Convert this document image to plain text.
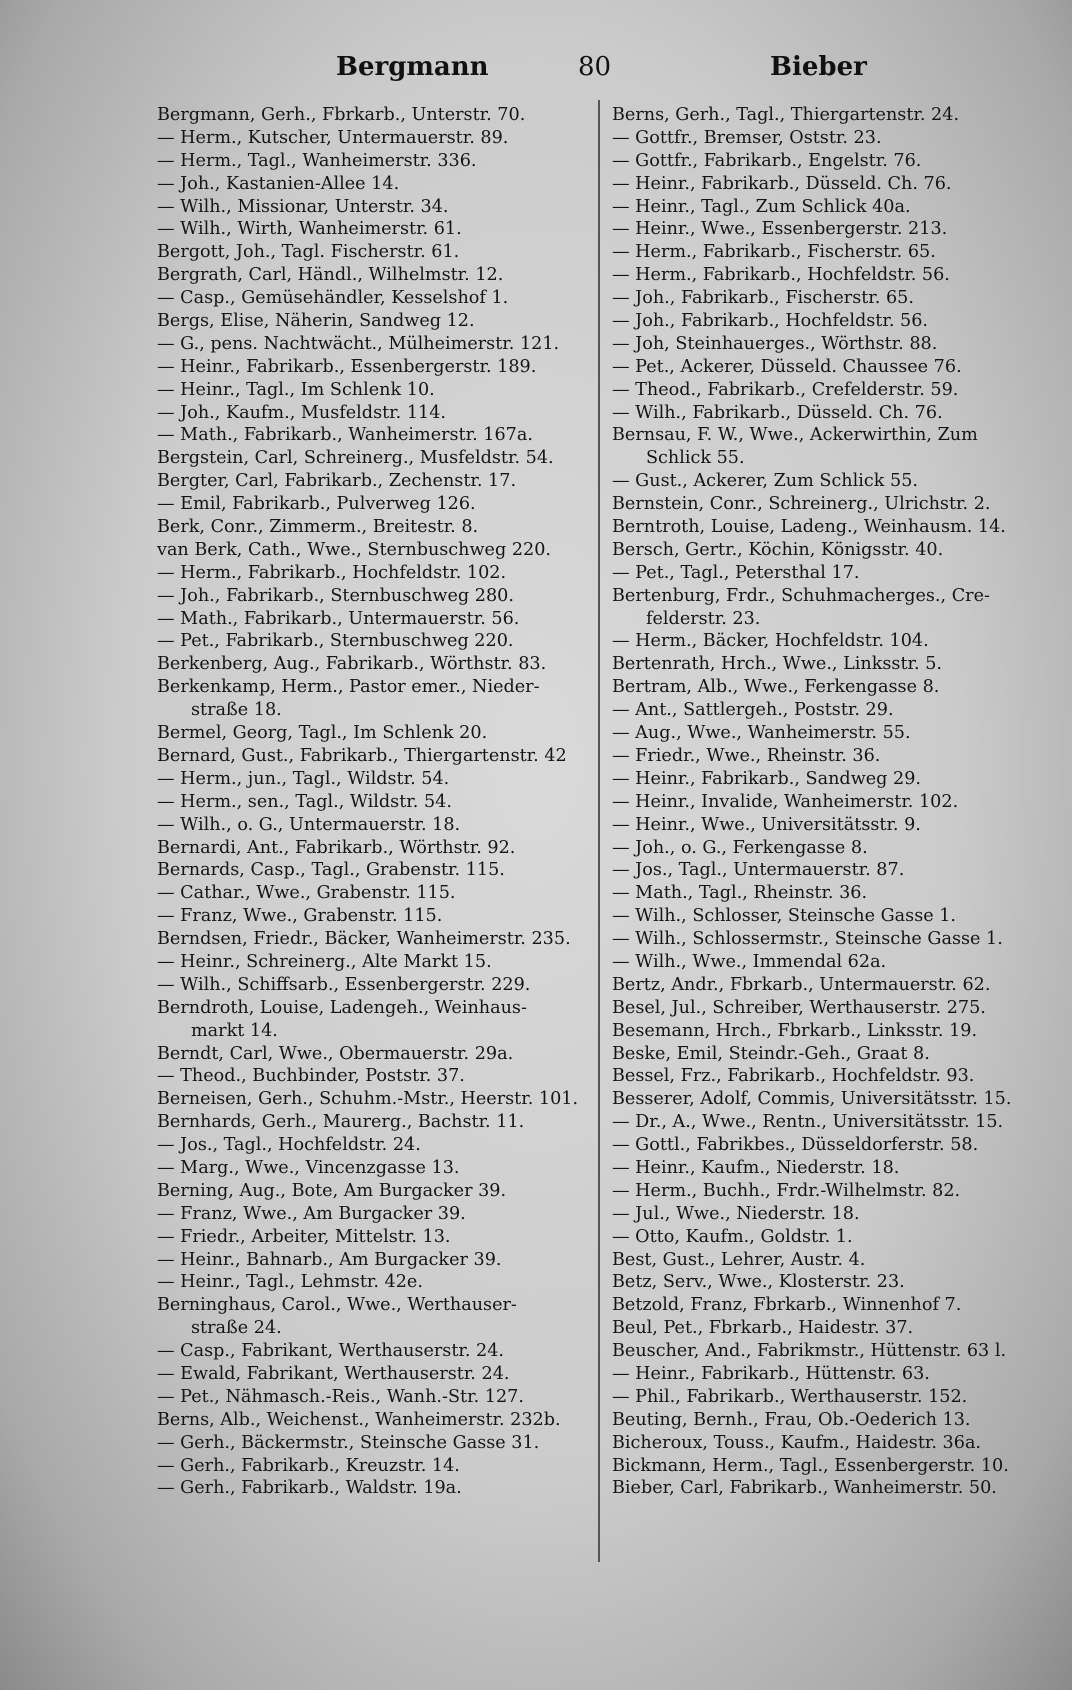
Bergmann	80	Bieber
Bergmann, Gerh., Fbrkarb., Unterstr. 70.
— Herm., Kutscher, Untermauerstr. 89.
— Herm., Tagl., Wanheimerstr. 336.
— Joh., Kastanien-Allee 14.
— Wilh., Missionar, Unterstr. 34.
— Wilh., Wirth, Wanheimerstr. 61.
Bergott, Joh., Tagl. Fischerstr. 61.
Bergrath, Carl, Händl., Wilhelmstr. 12.
— Casp., Gemüsehändler, Kesselshof 1.
Bergs, Elise, Näherin, Sandweg 12.
— G., pens. Nachtwächt., Mülheimerstr. 121.
— Heinr., Fabrikarb., Essenbergerstr. 189.
— Heinr., Tagl., Im Schlenk 10.
— Joh., Kaufm., Musfeldstr. 114.
— Math., Fabrikarb., Wanheimerstr. 167a.
Bergstein, Carl, Schreinerg., Musfeldstr. 54.
Bergter, Carl, Fabrikarb., Zechenstr. 17.
— Emil, Fabrikarb., Pulverweg 126.
Berk, Conr., Zimmerm., Breitestr. 8.
van Berk, Cath., Wwe., Sternbuschweg 220.
— Herm., Fabrikarb., Hochfeldstr. 102.
— Joh., Fabrikarb., Sternbuschweg 280.
— Math., Fabrikarb., Untermauerstr. 56.
— Pet., Fabrikarb., Sternbuschweg 220.
Berkenberg, Aug., Fabrikarb., Wörthstr. 83.
Berkenkamp, Herm., Pastor emer., Nieder-
straße 18.
Bermel, Georg, Tagl., Im Schlenk 20.
Bernard, Gust., Fabrikarb., Thiergartenstr. 42
— Herm., jun., Tagl., Wildstr. 54.
— Herm., sen., Tagl., Wildstr. 54.
— Wilh., o. G., Untermauerstr. 18.
Bernardi, Ant., Fabrikarb., Wörthstr. 92.
Bernards, Casp., Tagl., Grabenstr. 115.
— Cathar., Wwe., Grabenstr. 115.
— Franz, Wwe., Grabenstr. 115.
Berndsen, Friedr., Bäcker, Wanheimerstr. 235.
— Heinr., Schreinerg., Alte Markt 15.
— Wilh., Schiffsarb., Essenbergerstr. 229.
Berndroth, Louise, Ladengeh., Weinhaus-
markt 14.
Berndt, Carl, Wwe., Obermauerstr. 29a.
— Theod., Buchbinder, Poststr. 37.
Berneisen, Gerh., Schuhm.-Mstr., Heerstr. 101.
Bernhards, Gerh., Maurerg., Bachstr. 11.
— Jos., Tagl., Hochfeldstr. 24.
— Marg., Wwe., Vincenzgasse 13.
Berning, Aug., Bote, Am Burgacker 39.
— Franz, Wwe., Am Burgacker 39.
— Friedr., Arbeiter, Mittelstr. 13.
— Heinr., Bahnarb., Am Burgacker 39.
— Heinr., Tagl., Lehmstr. 42e.
Berninghaus, Carol., Wwe., Werthauser-
straße 24.
— Casp., Fabrikant, Werthauserstr. 24.
— Ewald, Fabrikant, Werthauserstr. 24.
— Pet., Nähmasch.-Reis., Wanh.-Str. 127.
Berns, Alb., Weichenst., Wanheimerstr. 232b.
— Gerh., Bäckermstr., Steinsche Gasse 31.
— Gerh., Fabrikarb., Kreuzstr. 14.
— Gerh., Fabrikarb., Waldstr. 19a.
Berns, Gerh., Tagl., Thiergartenstr. 24.
— Gottfr., Bremser, Oststr. 23.
— Gottfr., Fabrikarb., Engelstr. 76.
— Heinr., Fabrikarb., Düsseld. Ch. 76.
— Heinr., Tagl., Zum Schlick 40a.
— Heinr., Wwe., Essenbergerstr. 213.
— Herm., Fabrikarb., Fischerstr. 65.
— Herm., Fabrikarb., Hochfeldstr. 56.
— Joh., Fabrikarb., Fischerstr. 65.
— Joh., Fabrikarb., Hochfeldstr. 56.
— Joh, Steinhauerges., Wörthstr. 88.
— Pet., Ackerer, Düsseld. Chaussee 76.
— Theod., Fabrikarb., Crefelderstr. 59.
— Wilh., Fabrikarb., Düsseld. Ch. 76.
Bernsau, F. W., Wwe., Ackerwirthin, Zum
Schlick 55.
— Gust., Ackerer, Zum Schlick 55.
Bernstein, Conr., Schreinerg., Ulrichstr. 2.
Berntroth, Louise, Ladeng., Weinhausm. 14.
Bersch, Gertr., Köchin, Königsstr. 40.
— Pet., Tagl., Petersthal 17.
Bertenburg, Frdr., Schuhmacherges., Cre-
felderstr. 23.
— Herm., Bäcker, Hochfeldstr. 104.
Bertenrath, Hrch., Wwe., Linksstr. 5.
Bertram, Alb., Wwe., Ferkengasse 8.
— Ant., Sattlergeh., Poststr. 29.
— Aug., Wwe., Wanheimerstr. 55.
— Friedr., Wwe., Rheinstr. 36.
— Heinr., Fabrikarb., Sandweg 29.
— Heinr., Invalide, Wanheimerstr. 102.
— Heinr., Wwe., Universitätsstr. 9.
— Joh., o. G., Ferkengasse 8.
— Jos., Tagl., Untermauerstr. 87.
— Math., Tagl., Rheinstr. 36.
— Wilh., Schlosser, Steinsche Gasse 1.
— Wilh., Schlossermstr., Steinsche Gasse 1.
— Wilh., Wwe., Immendal 62a.
Bertz, Andr., Fbrkarb., Untermauerstr. 62.
Besel, Jul., Schreiber, Werthauserstr. 275.
Besemann, Hrch., Fbrkarb., Linksstr. 19.
Beske, Emil, Steindr.-Geh., Graat 8.
Bessel, Frz., Fabrikarb., Hochfeldstr. 93.
Besserer, Adolf, Commis, Universitätsstr. 15.
— Dr., A., Wwe., Rentn., Universitätsstr. 15.
— Gottl., Fabrikbes., Düsseldorferstr. 58.
— Heinr., Kaufm., Niederstr. 18.
— Herm., Buchh., Frdr.-Wilhelmstr. 82.
— Jul., Wwe., Niederstr. 18.
— Otto, Kaufm., Goldstr. 1.
Best, Gust., Lehrer, Austr. 4.
Betz, Serv., Wwe., Klosterstr. 23.
Betzold, Franz, Fbrkarb., Winnenhof 7.
Beul, Pet., Fbrkarb., Haidestr. 37.
Beuscher, And., Fabrikmstr., Hüttenstr. 63 l.
— Heinr., Fabrikarb., Hüttenstr. 63.
— Phil., Fabrikarb., Werthauserstr. 152.
Beuting, Bernh., Frau, Ob.-Oederich 13.
Bicheroux, Touss., Kaufm., Haidestr. 36a.
Bickmann, Herm., Tagl., Essenbergerstr. 10.
Bieber, Carl, Fabrikarb., Wanheimerstr. 50.
